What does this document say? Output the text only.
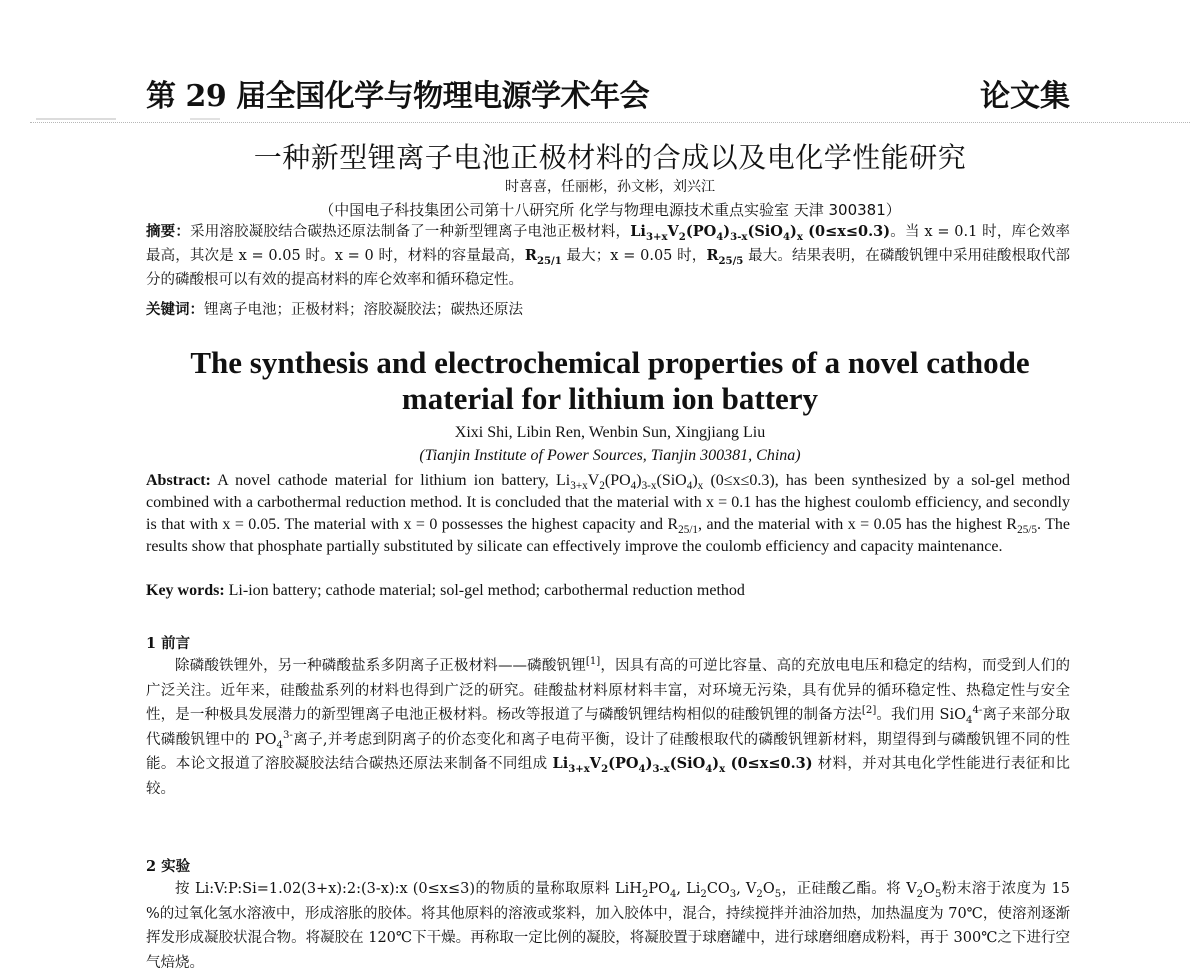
第 29 届全国化学与物理电源学术年会	论文集
一种新型锂离子电池正极材料的合成以及电化学性能研究
时喜喜，任丽彬，孙文彬，刘兴江
（中国电子科技集团公司第十八研究所 化学与物理电源技术重点实验室 天津 300381）
摘要：采用溶胶凝胶结合碳热还原法制备了一种新型锂离子电池正极材料，$Li_{3+x}V_2(PO_4)_{3-x}(SiO_4)_x$ (0≤x≤0.3)。当 x = 0.1 时，库仑效率最高，其次是 x = 0.05 时。x = 0 时，材料的容量最高，$R_{25/1}$ 最大；x = 0.05 时，$R_{25/5}$ 最大。结果表明，在磷酸钒锂中采用硅酸根取代部分的磷酸根可以有效的提高材料的库仑效率和循环稳定性。
关键词：锂离子电池；正极材料；溶胶凝胶法；碳热还原法
The synthesis and electrochemical properties of a novel cathode material for lithium ion battery
Xixi Shi, Libin Ren, Wenbin Sun, Xingjiang Liu
(Tianjin Institute of Power Sources, Tianjin 300381, China)
Abstract: A novel cathode material for lithium ion battery, $Li_{3+x}V_2(PO_4)_{3-x}(SiO_4)_x$ (0≤x≤0.3), has been synthesized by a sol-gel method combined with a carbothermal reduction method. It is concluded that the material with x = 0.1 has the highest coulomb efficiency, and secondly is that with x = 0.05. The material with x = 0 possesses the highest capacity and $R_{25/1}$, and the material with x = 0.05 has the highest $R_{25/5}$. The results show that phosphate partially substituted by silicate can effectively improve the coulomb efficiency and capacity maintenance.
Key words: Li-ion battery; cathode material; sol-gel method; carbothermal reduction method
1 前言
除磷酸铁锂外，另一种磷酸盐系多阴离子正极材料——磷酸钒锂[1]，因具有高的可逆比容量、高的充放电电压和稳定的结构，而受到人们的广泛关注。近年来，硅酸盐系列的材料也得到广泛的研究。硅酸盐材料原材料丰富，对环境无污染，具有优异的循环稳定性、热稳定性与安全性，是一种极具发展潜力的新型锂离子电池正极材料。杨改等报道了与磷酸钒锂结构相似的硅酸钒锂的制备方法[2]。我们用 SiO$_4^{4-}$离子来部分取代磷酸钒锂中的 $PO_4^{3-}$离子,并考虑到阴离子的价态变化和离子电荷平衡，设计了硅酸根取代的磷酸钒锂新材料，期望得到与磷酸钒锂不同的性能。本论文报道了溶胶凝胶法结合碳热还原法来制备不同组成 $Li_{3+x}V_2(PO_4)_{3-x}(SiO_4)_x$ (0≤x≤0.3) 材料，并对其电化学性能进行表征和比较。
2 实验
按 Li:V:P:Si=1.02(3+x):2:(3-x):x (0≤x≤3)的物质的量称取原料 $LiH_2PO_4$, $Li_2CO_3$, $V_2O_5$，正硅酸乙酯。将 $V_2O_5$粉末溶于浓度为 15 %的过氧化氢水溶液中，形成溶胀的胶体。将其他原料的溶液或浆料，加入胶体中，混合，持续搅拌并油浴加热，加热温度为 70℃，使溶剂逐渐挥发形成凝胶状混合物。将凝胶在 120℃下干燥。再称取一定比例的凝胶，将凝胶置于球磨罐中，进行球磨细磨成粉料，再于 300℃之下进行空气焙烧。
